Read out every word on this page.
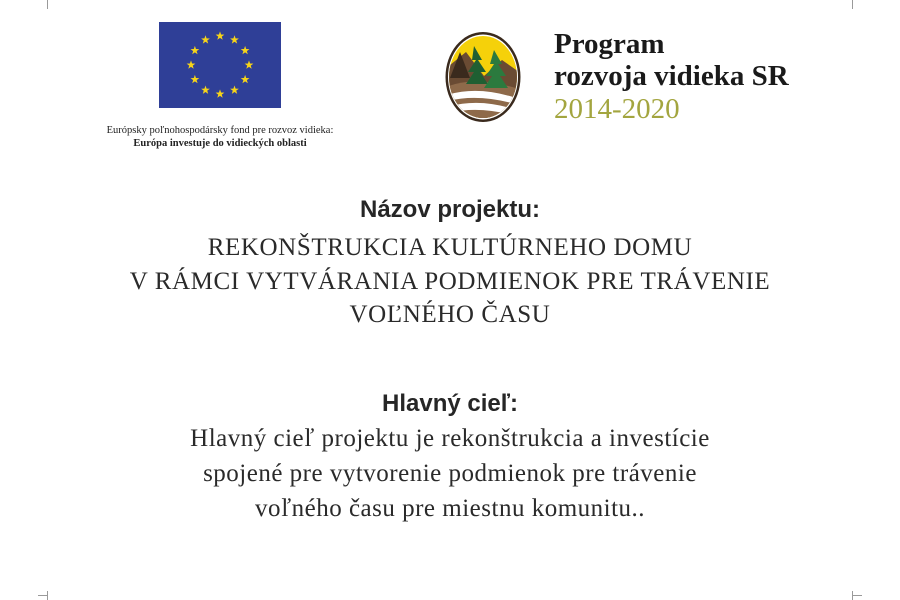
Európsky poľnohospodársky fond pre rozvoz vidieka:
Európa investuje do vidieckých oblasti
Program
rozvoja vidieka SR
2014-2020
Názov projektu:
REKONŠTRUKCIA KULTÚRNEHO DOMU
V RÁMCI VYTVÁRANIA PODMIENOK PRE TRÁVENIE
VOĽNÉHO ČASU
Hlavný cieľ:
Hlavný cieľ projektu je rekonštrukcia a investície
spojené pre vytvorenie podmienok pre trávenie
voľného času pre miestnu komunitu..
